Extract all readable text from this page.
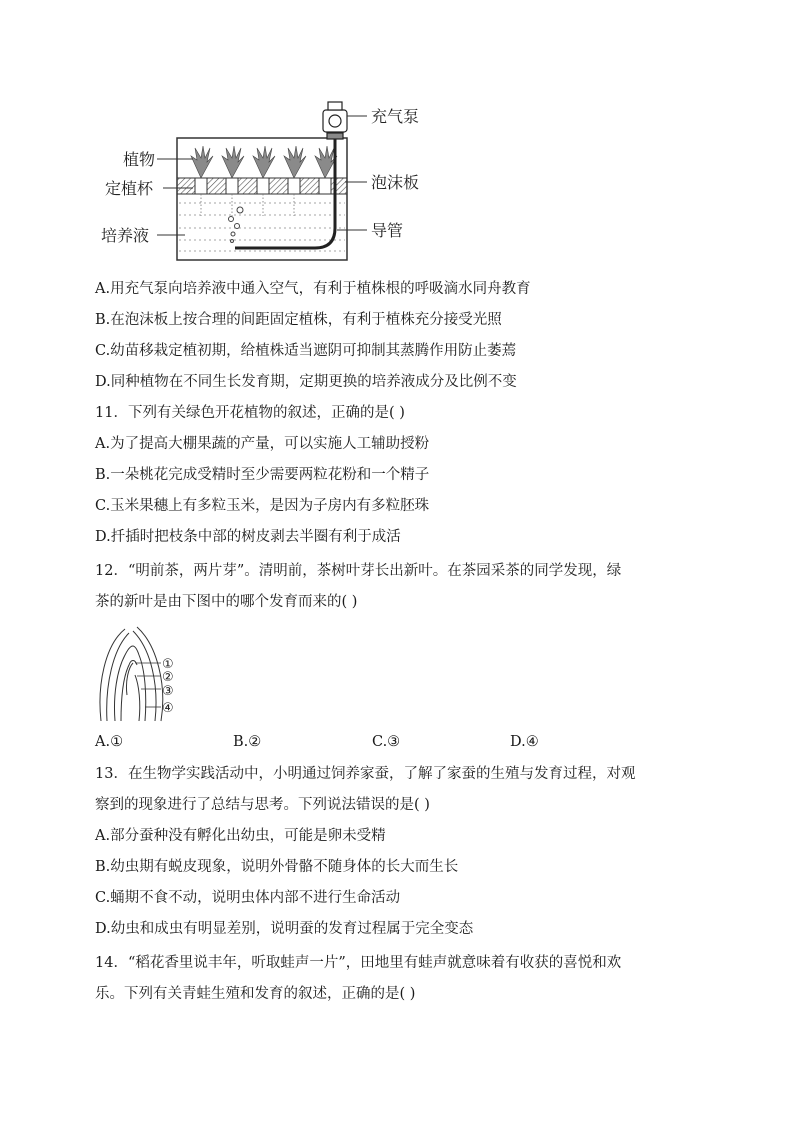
充气泵
植物
定植杯	泡沫板
培养液	导管
A.用充气泵向培养液中通入空气，有利于植株根的呼吸滴水同舟教育
B.在泡沫板上按合理的间距固定植株，有利于植株充分接受光照
C.幼苗移栽定植初期，给植株适当遮阴可抑制其蒸腾作用防止萎蔫
D.同种植物在不同生长发育期，定期更换的培养液成分及比例不变
11．下列有关绿色开花植物的叙述，正确的是( )
A.为了提高大棚果蔬的产量，可以实施人工辅助授粉
B.一朵桃花完成受精时至少需要两粒花粉和一个精子
C.玉米果穗上有多粒玉米，是因为子房内有多粒胚珠
D.扦插时把枝条中部的树皮剥去半圈有利于成活
12．“明前茶，两片芽”。清明前，茶树叶芽长出新叶。在茶园采茶的同学发现，绿
茶的新叶是由下图中的哪个发育而来的( )
①
②
③
④
A.①	B.②	C.③	D.④
13．在生物学实践活动中，小明通过饲养家蚕，了解了家蚕的生殖与发育过程，对观
察到的现象进行了总结与思考。下列说法错误的是( )
A.部分蚕种没有孵化出幼虫，可能是卵未受精
B.幼虫期有蜕皮现象，说明外骨骼不随身体的长大而生长
C.蛹期不食不动，说明虫体内部不进行生命活动
D.幼虫和成虫有明显差别，说明蚕的发育过程属于完全变态
14．“稻花香里说丰年，听取蛙声一片”，田地里有蛙声就意味着有收获的喜悦和欢
乐。下列有关青蛙生殖和发育的叙述，正确的是( )
